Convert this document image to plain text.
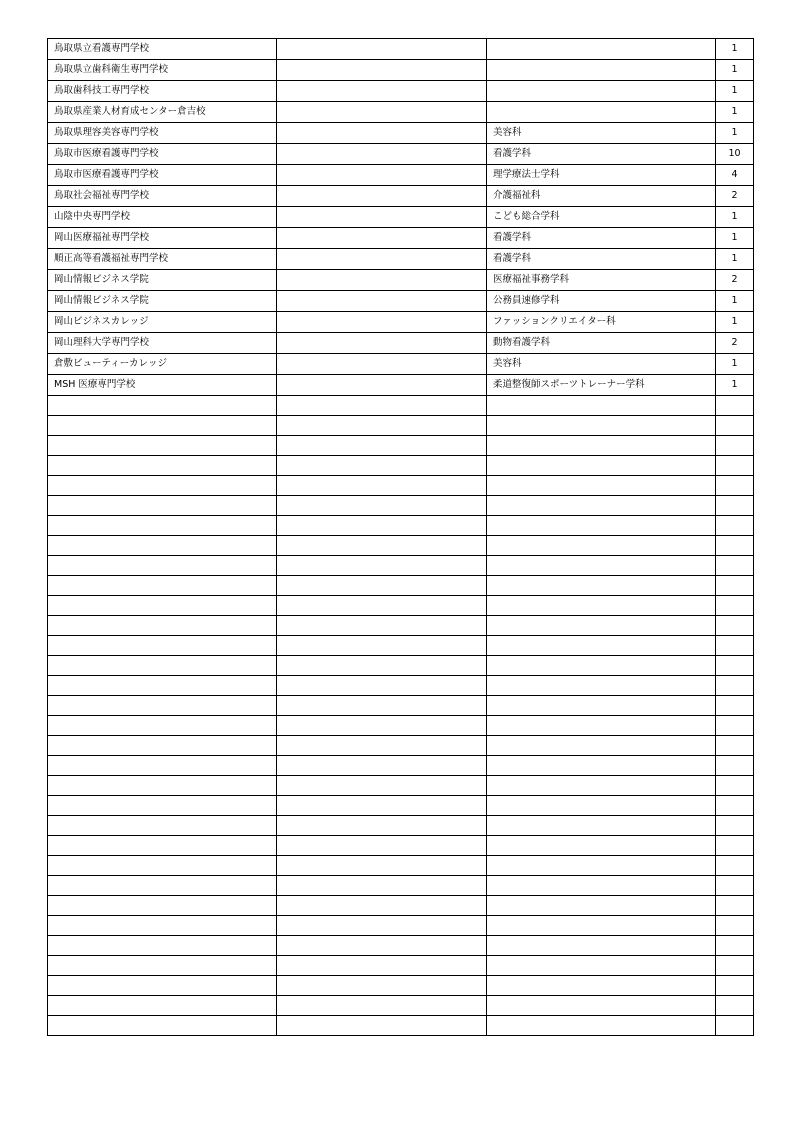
鳥取県立看護専門学校			1
鳥取県立歯科衛生専門学校			1
鳥取歯科技工専門学校			1
鳥取県産業人材育成センター倉吉校			1
鳥取県理容美容専門学校		美容科	1
鳥取市医療看護専門学校		看護学科	10
鳥取市医療看護専門学校		理学療法士学科	4
鳥取社会福祉専門学校		介護福祉科	2
山陰中央専門学校		こども総合学科	1
岡山医療福祉専門学校		看護学科	1
順正高等看護福祉専門学校		看護学科	1
岡山情報ビジネス学院		医療福祉事務学科	2
岡山情報ビジネス学院		公務員速修学科	1
岡山ビジネスカレッジ		ファッションクリエイター科	1
岡山理科大学専門学校		動物看護学科	2
倉敷ビューティーカレッジ		美容科	1
MSH 医療専門学校		柔道整復師スポーツトレーナー学科	1
